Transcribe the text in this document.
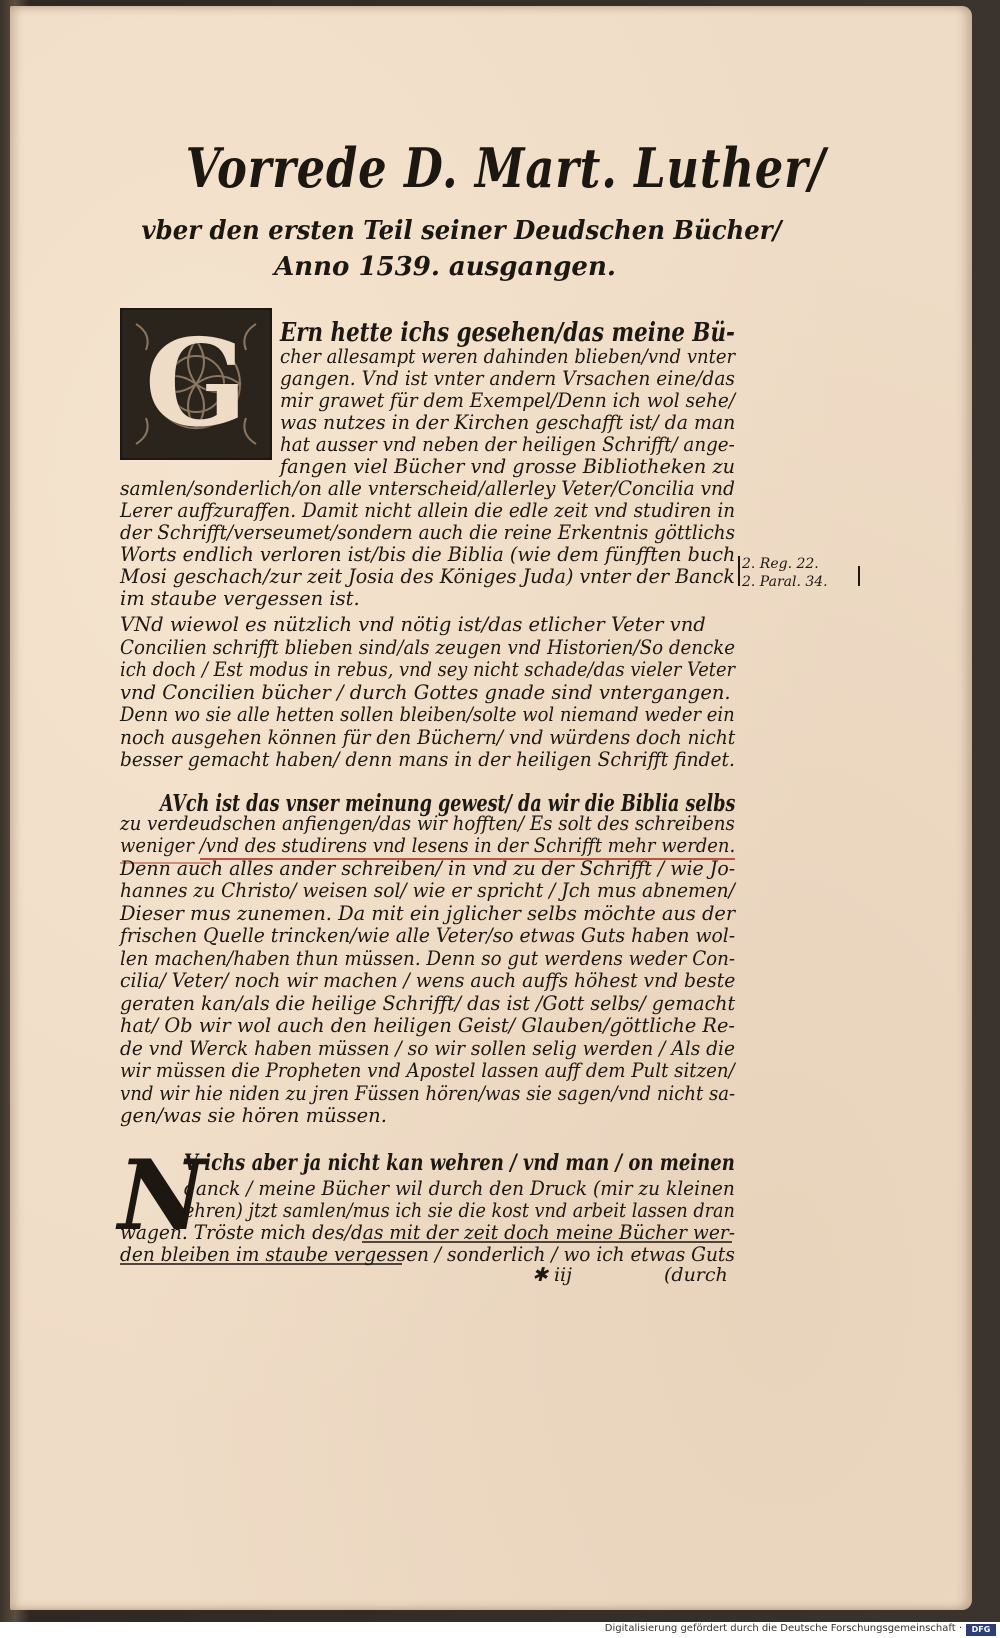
Vorrede D. Mart. Luther/
vber den ersten Teil seiner Deudschen Bücher/
Anno 1539. ausgangen.
G
2. Reg. 22.
2. Paral. 34.
N
✱ iij	(durch
Digitalisierung gefördert durch die Deutsche Forschungsgemeinschaft ·	DFG
Ern hette ichs gesehen/das meine Bü-
cher allesampt weren dahinden blieben/vnd vnter
gangen. Vnd ist vnter andern Vrsachen eine/das
mir grawet für dem Exempel/Denn ich wol sehe/
was nutzes in der Kirchen geschafft ist/ da man
hat ausser vnd neben der heiligen Schrifft/ ange-
fangen viel Bücher vnd grosse Bibliotheken zu
samlen/sonderlich/on alle vnterscheid/allerley Veter/Concilia vnd
Lerer auffzuraffen. Damit nicht allein die edle zeit vnd studiren in
der Schrifft/verseumet/sondern auch die reine Erkentnis göttlichs
Worts endlich verloren ist/bis die Biblia (wie dem fünfften buch
Mosi geschach/zur zeit Josia des Königes Juda) vnter der Banck
im staube vergessen ist.
VNd wiewol es nützlich vnd nötig ist/das etlicher Veter vnd
Concilien schrifft blieben sind/als zeugen vnd Historien/So dencke
ich doch / Est modus in rebus, vnd sey nicht schade/das vieler Veter
vnd Concilien bücher / durch Gottes gnade sind vntergangen.
Denn wo sie alle hetten sollen bleiben/solte wol niemand weder ein
noch ausgehen können für den Büchern/ vnd würdens doch nicht
besser gemacht haben/ denn mans in der heiligen Schrifft findet.
AVch ist das vnser meinung gewest/ da wir die Biblia selbs
zu verdeudschen anfiengen/das wir hofften/ Es solt des schreibens
weniger /vnd des studirens vnd lesens in der Schrifft mehr werden.
Denn auch alles ander schreiben/ in vnd zu der Schrifft / wie Jo-
hannes zu Christo/ weisen sol/ wie er spricht / Jch mus abnemen/
Dieser mus zunemen. Da mit ein jglicher selbs möchte aus der
frischen Quelle trincken/wie alle Veter/so etwas Guts haben wol-
len machen/haben thun müssen. Denn so gut werdens weder Con-
cilia/ Veter/ noch wir machen / wens auch auffs höhest vnd beste
geraten kan/als die heilige Schrifft/ das ist /Gott selbs/ gemacht
hat/ Ob wir wol auch den heiligen Geist/ Glauben/göttliche Re-
de vnd Werck haben müssen / so wir sollen selig werden / Als die
wir müssen die Propheten vnd Apostel lassen auff dem Pult sitzen/
vnd wir hie niden zu jren Füssen hören/was sie sagen/vnd nicht sa-
gen/was sie hören müssen.
V ichs aber ja nicht kan wehren / vnd man / on meinen
danck / meine Bücher wil durch den Druck (mir zu kleinen
ehren) jtzt samlen/mus ich sie die kost vnd arbeit lassen dran
wagen. Tröste mich des/das mit der zeit doch meine Bücher wer-
den bleiben im staube vergessen / sonderlich / wo ich etwas Guts
